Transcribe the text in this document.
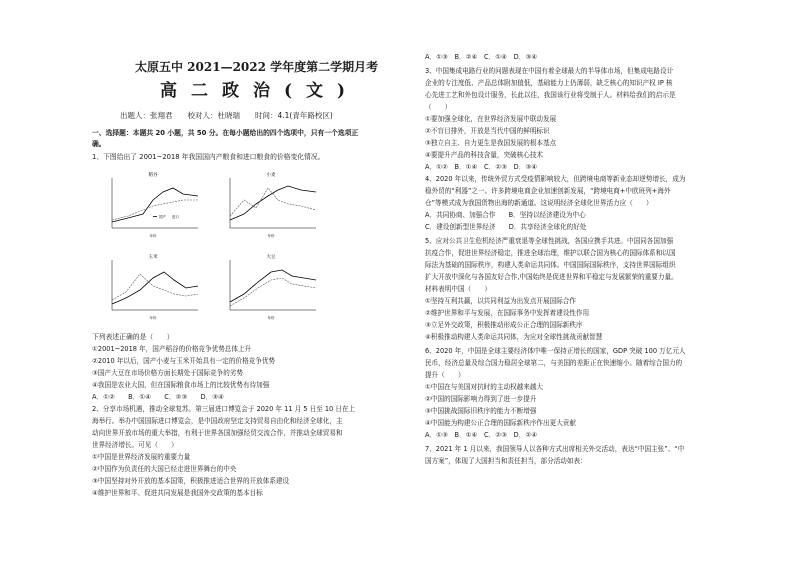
太原五中 2021—2022 学年度第二学期月考
高二政治(文)
出题人：张翔君　　校对人：杜晓瑞　　时间：4.1(青年路校区)
一、选择题：本题共 20 小题，共 50 分。在每小题给出的四个选项中，只有一个选项正
确。
1、下图给出了 2001~2018 年我国国内产粮食和进口粮食的价格变化情况。
稻谷
国产 进口
年份
小麦
年份
玉米
年份
大豆
年份
下列表述正确的是（　　）
①2001~2018 年，国产稻谷的价格竞争优势总体上升
②2010 年以后，国产小麦与玉米开始具有一定的价格竞争优势
③国产大豆在市场价格方面长期处于国际竞争的劣势
④我国是农业大国，但在国际粮食市场上的比较优势有待加强
A．①②　　B．①④　　C．②③　　D．③④
2、分享市场机遇，推动全球复苏。第三届进口博览会于 2020 年 11 月 5 日至 10 日在上
海举行。举办中国国际进口博览会，是中国政府坚定支持贸易自由化和经济全球化，主
动向世界开放市场的重大举措，有利于世界各国加强经贸交流合作，并推动全球贸易和
世界经济增长。可见（　　）
①中国是世界经济发展的重要力量
②中国作为负责任的大国已经走进世界舞台的中央
③中国坚持对外开放的基本国策，积极推进适合世界的开放体系建设
④维护世界和平、促进共同发展是我国外交政策的基本目标
A．①③　B．②④　C．①④　D．③④
3、中国集成电路行业的问题表现在中国有着全球最大的半导体市场，但集成电路设计
企业的专注度低、产品总体附加值低，基础能力上仍薄弱，缺乏核心的知识产权 IP 核
心先进工艺和外包设计服务，长此以往，我国该行业将受制于人。材料给我们的启示是
（　　）
①要加强全球化，在世界经济发展中联动发展
②不盲目排外，开放是当代中国的鲜明标识
③独立自主、自力更生是我国发展的根本基点
④要提升产品的科技含量，突破核心技术
A．①②　B．①④　C．②③　D．③④
4、2020 年以来，传统外贸方式受疫情影响较大，但跨境电商等新业态却逆势增长，成为
稳外贸的“利器”之一。许多跨境电商企业加速创新发展，“跨境电商+中欧班列+海外
仓”等模式成为我国货物出海的新通道。这说明经济全球化世界活力应（　　）
A．共同协商、加强合作　　B．坚持以经济建设为中心
C．建设创新型世界经济　　D．共享经济全球化的好处
5、应对公共卫生危机经济严重衰退等全球性挑战，各国应携手共进。中国同各国加强
抗疫合作，促进世界经济稳定，推进全球治理，维护以联合国为核心的国际体系和以国
际法为基础的国际秩序，构建人类命运共同体。中国国际国际秩序，支持世界国际组织
扩大开放中深化与各国友好合作,中国始终是促进世界和平稳定与发展繁荣的重要力量。
材料表明中国（　　）
①坚持互利共赢，以共同利益为出发点开展国际合作
②维护世界和平与发展，在国际事务中发挥着建设性作用
③立足外交政策，积极推动形成公正合理的国际新秩序
④积极推动构建人类命运共同体，为应对全球性挑战贡献智慧
6、2020 年，中国是全球主要经济体中唯一保持正增长的国家，GDP 突破 100 万亿元人
民币，经济总量及综合国力稳居全球第二，与美国的差距正在快速缩小。随着综合国力的
提升（　　）
①中国在与美国对抗时的主动权越来越大
②中国的国际影响力得到了进一步提升
③中国挑战国际旧秩序的能力不断增强
④中国能为构建公正合理的国际新秩序作出更大贡献
A．①③　B．①④　C．②③　D．②④
7、2021 年 1 月以来，我国领导人以各种方式出席相关外交活动，表达“中国主张”、“中
国方案”，体现了大国担当和责任担当，部分活动如表：
